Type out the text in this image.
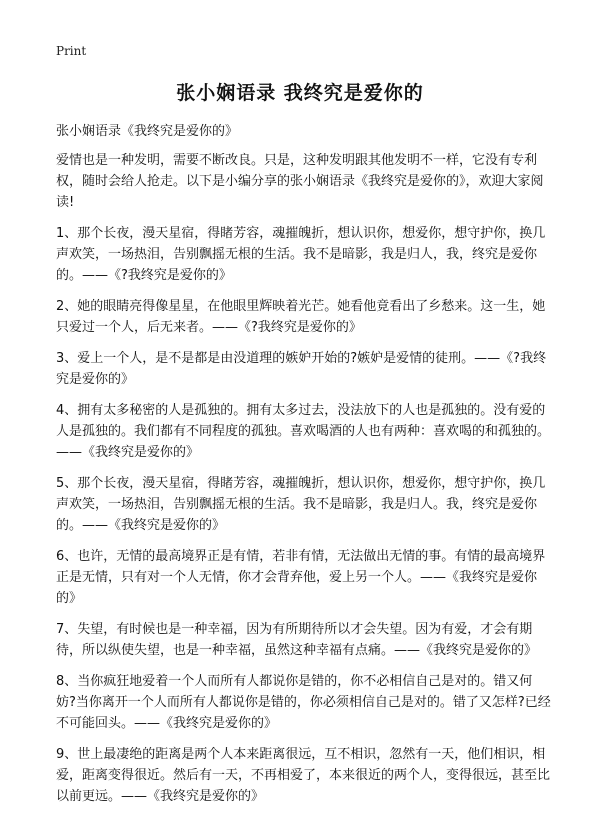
Print
张小娴语录 我终究是爱你的
张小娴语录《我终究是爱你的》

爱情也是一种发明，需要不断改良。只是，这种发明跟其他发明不一样，它没有专利权，随时会给人抢走。以下是小编分享的张小娴语录《我终究是爱你的》，欢迎大家阅读!

1、那个长夜，漫天星宿，得睹芳容，魂摧魄折，想认识你，想爱你，想守护你，换几声欢笑，一场热泪，告别飘摇无根的生活。我不是暗影，我是归人，我，终究是爱你的。——《?我终究是爱你的》

2、她的眼睛亮得像星星，在他眼里辉映着光芒。她看他竟看出了乡愁来。这一生，她只爱过一个人，后无来者。——《?我终究是爱你的》

3、爱上一个人，是不是都是由没道理的嫉妒开始的?嫉妒是爱情的徒刑。——《?我终究是爱你的》

4、拥有太多秘密的人是孤独的。拥有太多过去，没法放下的人也是孤独的。没有爱的人是孤独的。我们都有不同程度的孤独。喜欢喝酒的人也有两种：喜欢喝的和孤独的。——《我终究是爱你的》

5、那个长夜，漫天星宿，得睹芳容，魂摧魄折，想认识你，想爱你，想守护你，换几声欢笑，一场热泪，告别飘摇无根的生活。我不是暗影，我是归人。我，终究是爱你的。——《我终究是爱你的》

6、也许，无情的最高境界正是有情，若非有情，无法做出无情的事。有情的最高境界正是无情，只有对一个人无情，你才会背弃他，爱上另一个人。——《我终究是爱你的》

7、失望，有时候也是一种幸福，因为有所期待所以才会失望。因为有爱，才会有期待，所以纵使失望，也是一种幸福，虽然这种幸福有点痛。——《我终究是爱你的》

8、当你疯狂地爱着一个人而所有人都说你是错的，你不必相信自己是对的。错又何妨?当你离开一个人而所有人都说你是错的，你必须相信自己是对的。错了又怎样?已经不可能回头。——《我终究是爱你的》

9、世上最凄绝的距离是两个人本来距离很远，互不相识，忽然有一天，他们相识，相爱，距离变得很近。然后有一天，不再相爱了，本来很近的两个人，变得很远，甚至比以前更远。——《我终究是爱你的》
